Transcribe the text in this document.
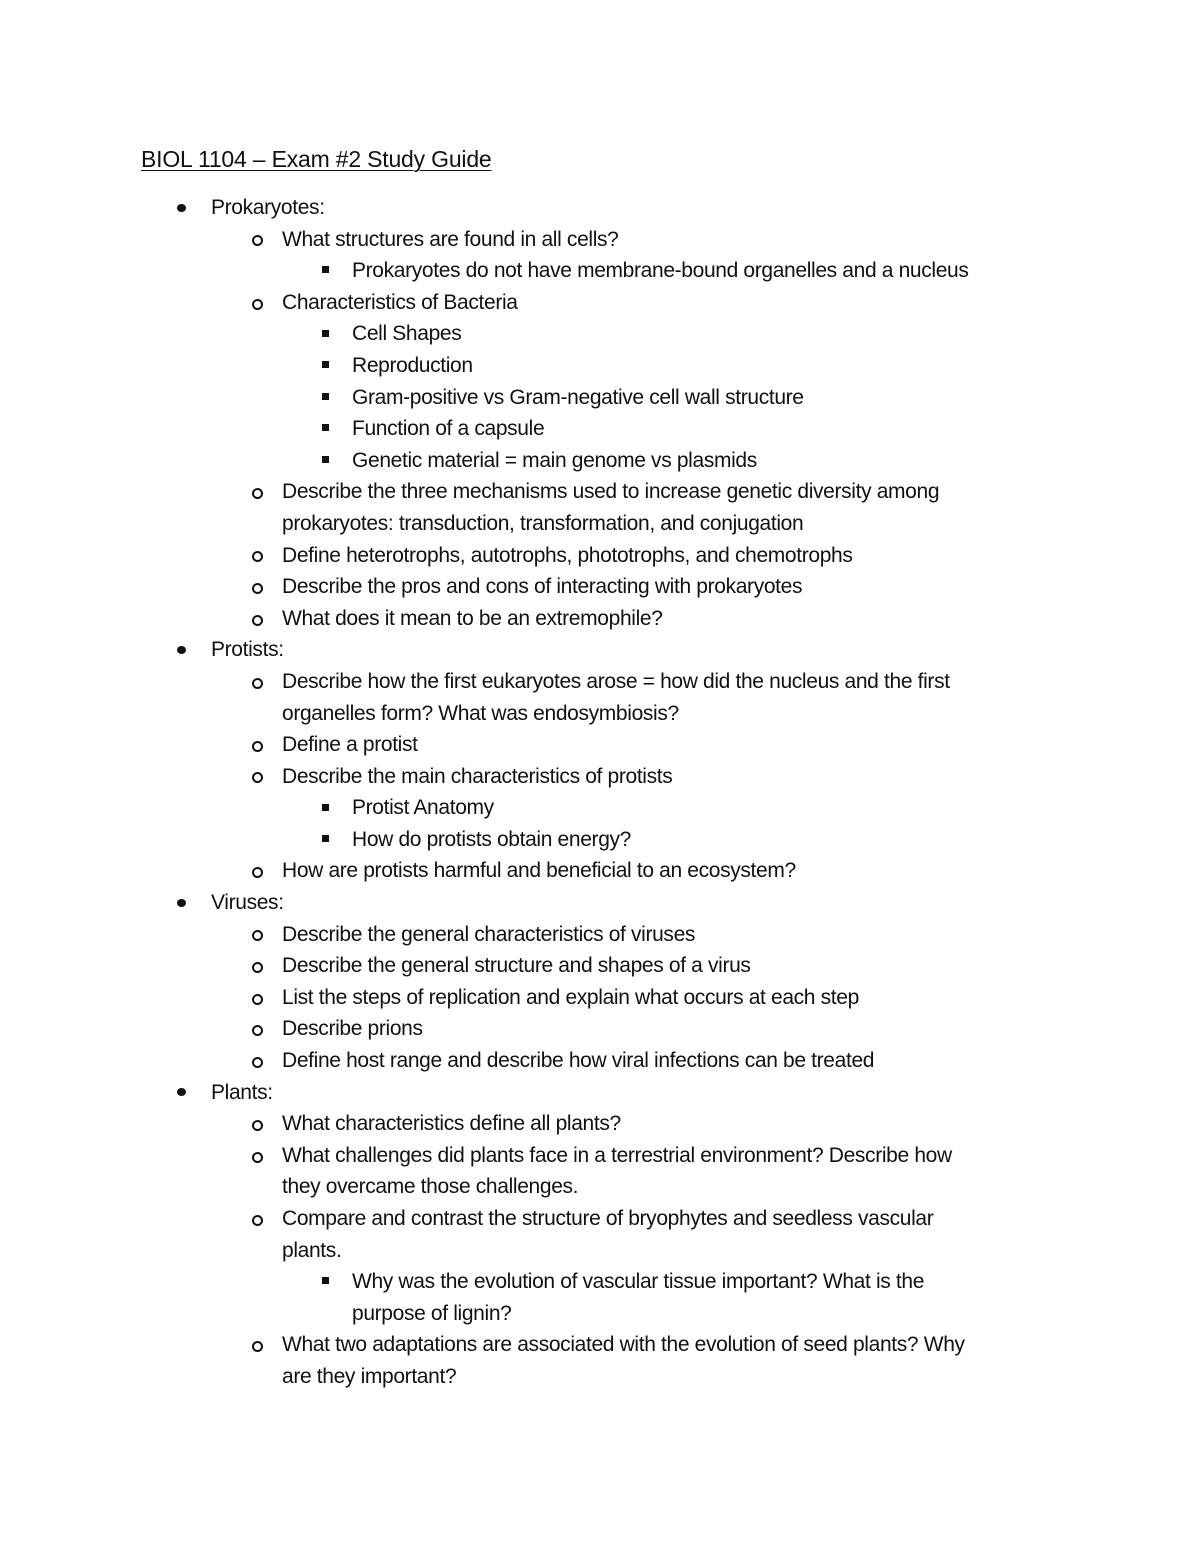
BIOL 1104 – Exam #2 Study Guide
Prokaryotes:
What structures are found in all cells?
Prokaryotes do not have membrane-bound organelles and a nucleus
Characteristics of Bacteria
Cell Shapes
Reproduction
Gram-positive vs Gram-negative cell wall structure
Function of a capsule
Genetic material = main genome vs plasmids
Describe the three mechanisms used to increase genetic diversity among
prokaryotes: transduction, transformation, and conjugation
Define heterotrophs, autotrophs, phototrophs, and chemotrophs
Describe the pros and cons of interacting with prokaryotes
What does it mean to be an extremophile?
Protists:
Describe how the first eukaryotes arose = how did the nucleus and the first
organelles form? What was endosymbiosis?
Define a protist
Describe the main characteristics of protists
Protist Anatomy
How do protists obtain energy?
How are protists harmful and beneficial to an ecosystem?
Viruses:
Describe the general characteristics of viruses
Describe the general structure and shapes of a virus
List the steps of replication and explain what occurs at each step
Describe prions
Define host range and describe how viral infections can be treated
Plants:
What characteristics define all plants?
What challenges did plants face in a terrestrial environment? Describe how
they overcame those challenges.
Compare and contrast the structure of bryophytes and seedless vascular
plants.
Why was the evolution of vascular tissue important? What is the
purpose of lignin?
What two adaptations are associated with the evolution of seed plants? Why
are they important?
